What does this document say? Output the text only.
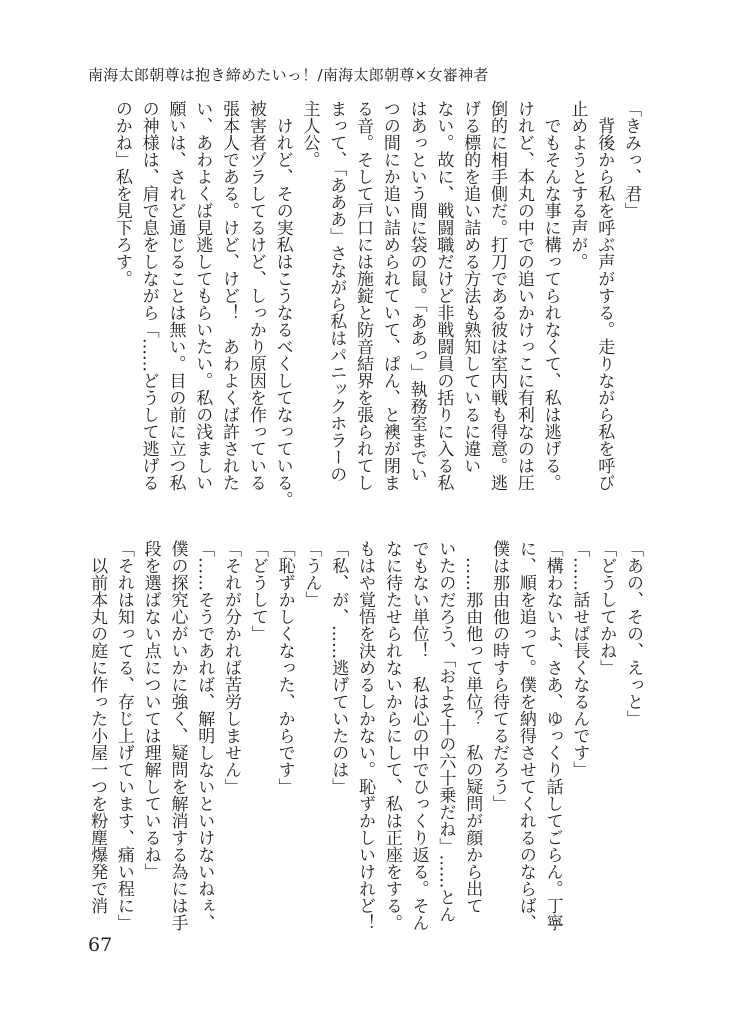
南海太郎朝尊は抱き締めたいっ！/南海太郎朝尊×女審神者
「きみっ、君」
　背後から私を呼ぶ声がする。走りながら私を呼び
止めようとする声が。
　でもそんな事に構ってられなくて、私は逃げる。
けれど、本丸の中での追いかけっこに有利なのは圧
倒的に相手側だ。打刀である彼は室内戦も得意。逃
げる標的を追い詰める方法も熟知しているに違い
ない。故に、戦闘職だけど非戦闘員の括りに入る私
はあっという間に袋の鼠。「ああっ」執務室までい
つの間にか追い詰められていて、ぱん、と襖が閉ま
る音。そして戸口には施錠と防音結界を張られてし
まって、「あああ」さながら私はパニックホラーの
主人公。
　けれど、その実私はこうなるべくしてなっている。
被害者ヅラしてるけど、しっかり原因を作っている
張本人である。けど、けど！　あわよくば許された
い、あわよくば見逃してもらいたい。私の浅ましい
願いは、されど通じることは無い。目の前に立つ私
の神様は、肩で息をしながら「……どうして逃げる
のかね」私を見下ろす。
「あの、その、えっと」
「どうしてかね」
「……話せば長くなるんです」
「構わないよ、さあ、ゆっくり話してごらん。丁寧
に、順を追って。僕を納得させてくれるのならば、
僕は那由他の時すら待てるだろう」
　……那由他って単位？　私の疑問が顔から出て
いたのだろう、「およそ十の六十乗だね」……とん
でもない単位！　私は心の中でひっくり返る。そん
なに待たせられないからにして、私は正座をする。
もはや覚悟を決めるしかない。恥ずかしいけれど！
「私、が、……逃げていたのは」
「うん」
「恥ずかしくなった、からです」
「どうして」
「それが分かれば苦労しません」
「……そうであれば、解明しないといけないねぇ、
僕の探究心がいかに強く、疑問を解消する為には手
段を選ばない点については理解しているね」
「それは知ってる、存じ上げています、痛い程に」
　以前本丸の庭に作った小屋一つを粉塵爆発で消
67
